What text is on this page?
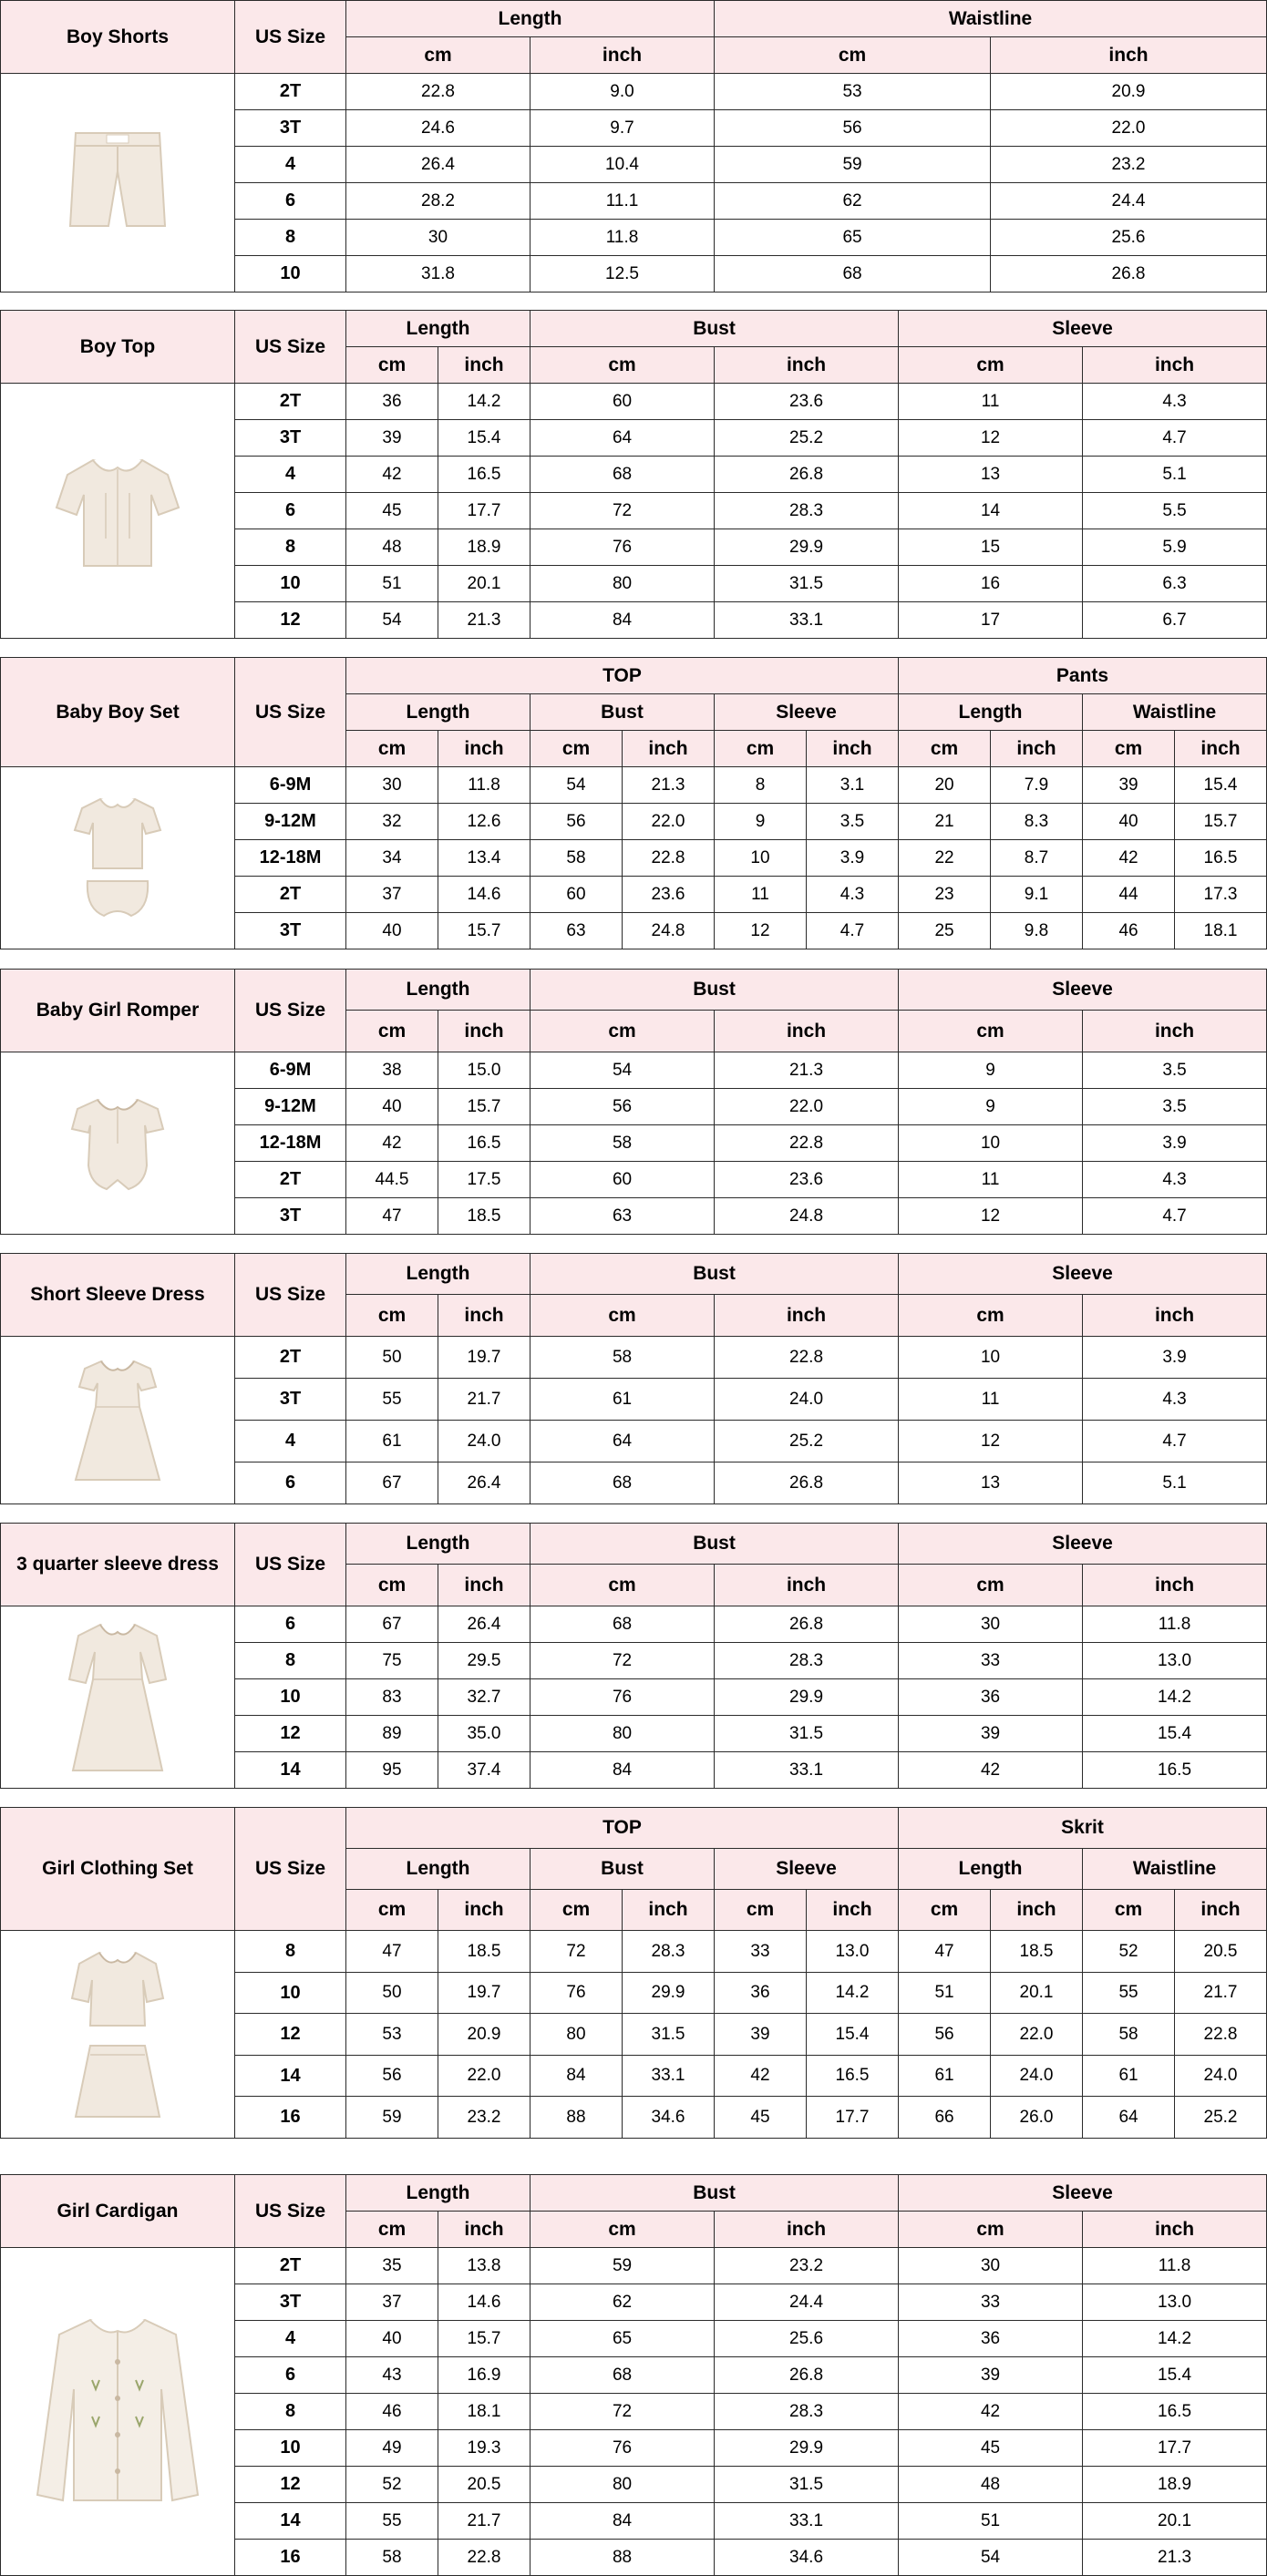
Boy Shorts	US Size	Length		Waistline	
		cm	inch	cm	inch

	2T	22.8	9.0	53	20.9
	3T	24.6	9.7	56	22.0
	4	26.4	10.4	59	23.2
	6	28.2	11.1	62	24.4
	8	30	11.8	65	25.6
	10	31.8	12.5	68	26.8
Boy Top	US Size	Length		Bust		Sleeve	
		cm	inch	cm	inch	cm	inch

	2T	36	14.2	60	23.6	11	4.3
	3T	39	15.4	64	25.2	12	4.7
	4	42	16.5	68	26.8	13	5.1
	6	45	17.7	72	28.3	14	5.5
	8	48	18.9	76	29.9	15	5.9
	10	51	20.1	80	31.5	16	6.3
	12	54	21.3	84	33.1	17	6.7
Baby Boy Set	US Size	TOP						Pants			
		Length		Bust		Sleeve		Length		Waistline	
		cm	inch	cm	inch	cm	inch	cm	inch	cm	inch

	6-9M	30	11.8	54	21.3	8	3.1	20	7.9	39	15.4
	9-12M	32	12.6	56	22.0	9	3.5	21	8.3	40	15.7
	12-18M	34	13.4	58	22.8	10	3.9	22	8.7	42	16.5
	2T	37	14.6	60	23.6	11	4.3	23	9.1	44	17.3
	3T	40	15.7	63	24.8	12	4.7	25	9.8	46	18.1
Baby Girl Romper	US Size	Length		Bust		Sleeve	
		cm	inch	cm	inch	cm	inch

	6-9M	38	15.0	54	21.3	9	3.5
	9-12M	40	15.7	56	22.0	9	3.5
	12-18M	42	16.5	58	22.8	10	3.9
	2T	44.5	17.5	60	23.6	11	4.3
	3T	47	18.5	63	24.8	12	4.7
Short Sleeve Dress	US Size	Length		Bust		Sleeve	
		cm	inch	cm	inch	cm	inch

	2T	50	19.7	58	22.8	10	3.9
	3T	55	21.7	61	24.0	11	4.3
	4	61	24.0	64	25.2	12	4.7
	6	67	26.4	68	26.8	13	5.1
3 quarter sleeve dress	US Size	Length		Bust		Sleeve	
		cm	inch	cm	inch	cm	inch

	6	67	26.4	68	26.8	30	11.8
	8	75	29.5	72	28.3	33	13.0
	10	83	32.7	76	29.9	36	14.2
	12	89	35.0	80	31.5	39	15.4
	14	95	37.4	84	33.1	42	16.5
Girl Clothing Set	US Size	TOP						Skrit			
		Length		Bust		Sleeve		Length		Waistline	
		cm	inch	cm	inch	cm	inch	cm	inch	cm	inch

	8	47	18.5	72	28.3	33	13.0	47	18.5	52	20.5
	10	50	19.7	76	29.9	36	14.2	51	20.1	55	21.7
	12	53	20.9	80	31.5	39	15.4	56	22.0	58	22.8
	14	56	22.0	84	33.1	42	16.5	61	24.0	61	24.0
	16	59	23.2	88	34.6	45	17.7	66	26.0	64	25.2
Girl Cardigan	US Size	Length		Bust		Sleeve	
		cm	inch	cm	inch	cm	inch

	2T	35	13.8	59	23.2	30	11.8
	3T	37	14.6	62	24.4	33	13.0
	4	40	15.7	65	25.6	36	14.2
	6	43	16.9	68	26.8	39	15.4
	8	46	18.1	72	28.3	42	16.5
	10	49	19.3	76	29.9	45	17.7
	12	52	20.5	80	31.5	48	18.9
	14	55	21.7	84	33.1	51	20.1
	16	58	22.8	88	34.6	54	21.3
